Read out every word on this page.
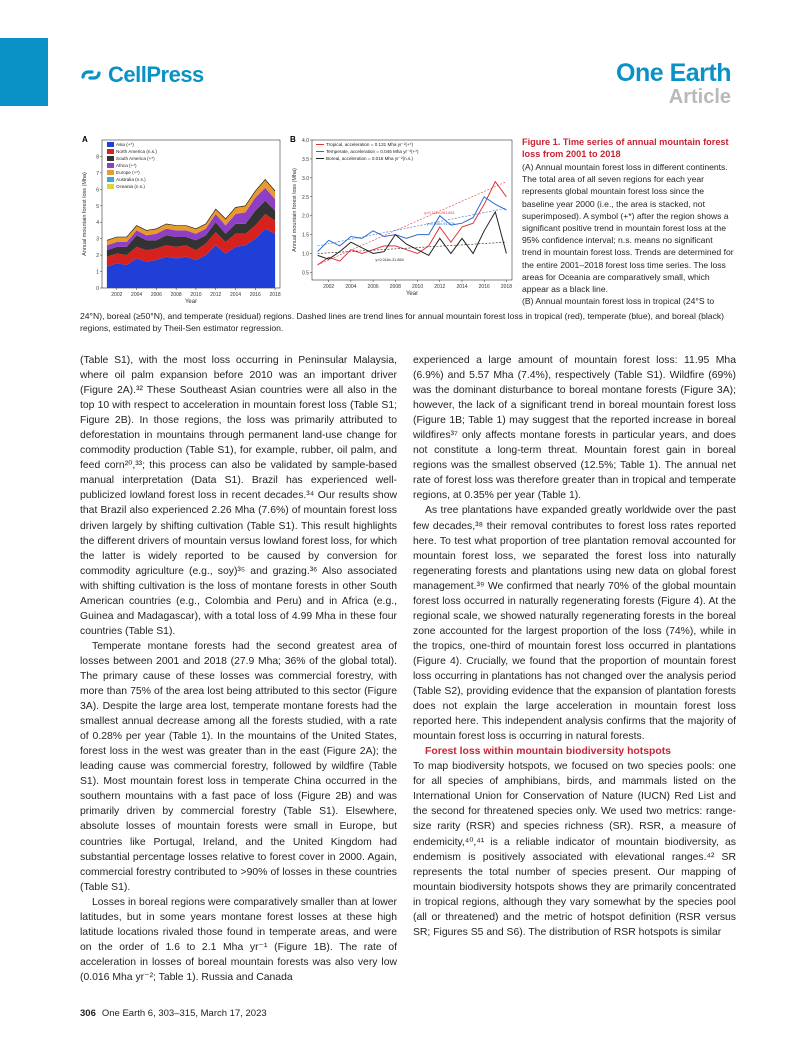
CellPress	One Earth
Article
A
0
1
2
3
4
5
6
7
8
2002 2004 2006 2008 2010 2012 2014 2016 2018
Year
Annual mountain forest loss (Mha)
Asia (+*)
North America (n.s.)
South America (+*)
Africa (+*)
Europe (+*)
Australia (n.s.)
Oceania (n.s.)
B
0.5
1.0
1.5
2.0
2.5
3.0
3.5
4.0
2002 2004 2006 2008 2010 2012 2014 2016 2018
Year
Annual mountain forest loss (Mha)	y=0.131x-261.841
y=0.046x-91.929
y=0.016x-31.864
Tropical, acceleration = 0.131 Mha yr⁻²(+*)
Temperate, acceleration = 0.046 Mha yr⁻²(+*)
Boreal, acceleration = 0.016 Mha yr⁻²(n.s.)
Figure 1. Time series of annual mountain forest loss from 2001 to 2018
(A) Annual mountain forest loss in different continents. The total area of all seven regions for each year represents global mountain forest loss since the baseline year 2000 (i.e., the area is stacked, not superimposed). A symbol (+*) after the region shows a significant positive trend in mountain forest loss at the 95% confidence interval; n.s. means no significant trend in mountain forest loss. Trends are determined for the entire 2001–2018 forest loss time series. The loss areas for Oceania are comparatively small, which appear as a black line.
(B) Annual mountain forest loss in tropical (24°S to
24°N), boreal (≥50°N), and temperate (residual) regions. Dashed lines are trend lines for annual mountain forest loss in tropical (red), temperate (blue), and boreal (black) regions, estimated by Theil-Sen estimator regression.

(Table S1), with the most loss occurring in Peninsular Malaysia, where oil palm expansion before 2010 was an important driver (Figure 2A).³² These Southeast Asian countries were all also in the top 10 with respect to acceleration in mountain forest loss (Table S1; Figure 2B). In those regions, the loss was primarily attributed to deforestation in mountains through permanent land-use change for commodity production (Table S1), for example, rubber, oil palm, and feed corn²⁰,³³; this process can also be validated by sample-based manual interpretation (Data S1). Brazil has experienced well-publicized lowland forest loss in recent decades.³⁴ Our results show that Brazil also experienced 2.26 Mha (7.6%) of mountain forest loss driven largely by shifting cultivation (Table S1). This result highlights the different drivers of mountain versus lowland forest loss, for which the latter is widely reported to be caused by conversion for commodity agriculture (e.g., soy)³⁵ and grazing.³⁶ Also associated with shifting cultivation is the loss of montane forests in other South American countries (e.g., Colombia and Peru) and in Africa (e.g., Guinea and Madagascar), with a total loss of 4.99 Mha in these four countries (Table S1).

Temperate montane forests had the second greatest area of losses between 2001 and 2018 (27.9 Mha; 36% of the global total). The primary cause of these losses was commercial forestry, with more than 75% of the area lost being attributed to this sector (Figure 3A). Despite the large area lost, temperate montane forests had the smallest annual decrease among all the forests studied, with a rate of 0.28% per year (Table 1). In the mountains of the United States, forest loss in the west was greater than in the east (Figure 2A); the leading cause was commercial forestry, followed by wildfire (Table S1). Most mountain forest loss in temperate China occurred in the southern mountains with a fast pace of loss (Figure 2B) and was primarily driven by commercial forestry (Table S1). Elsewhere, absolute losses of mountain forests were small in Europe, but countries like Portugal, Ireland, and the United Kingdom had substantial percentage losses relative to forest cover in 2000. Again, commercial forestry contributed to >90% of losses in these countries (Table S1).

Losses in boreal regions were comparatively smaller than at lower latitudes, but in some years montane forest losses at these high latitude locations rivaled those found in temperate areas, and were on the order of 1.6 to 2.1 Mha yr⁻¹ (Figure 1B). The rate of acceleration in losses of boreal mountain forests was also very low (0.016 Mha yr⁻²; Table 1). Russia and Canada

experienced a large amount of mountain forest loss: 11.95 Mha (6.9%) and 5.57 Mha (7.4%), respectively (Table S1). Wildfire (69%) was the dominant disturbance to boreal montane forests (Figure 3A); however, the lack of a significant trend in boreal mountain forest loss (Figure 1B; Table 1) may suggest that the reported increase in boreal wildfires³⁷ only affects montane forests in particular years, and does not constitute a long-term threat. Mountain forest gain in boreal regions was the smallest observed (12.5%; Table 1). The annual net rate of forest loss was therefore greater than in tropical and temperate regions, at 0.35% per year (Table 1).

As tree plantations have expanded greatly worldwide over the past few decades,³⁸ their removal contributes to forest loss rates reported here. To test what proportion of tree plantation removal accounted for mountain forest loss, we separated the forest loss into naturally regenerating forests and plantations using new data on global forest management.³⁹ We confirmed that nearly 70% of the global mountain forest loss occurred in naturally regenerating forests (Figure 4). At the regional scale, we showed naturally regenerating forests in the boreal zone accounted for the largest proportion of the loss (74%), while in the tropics, one-third of mountain forest loss occurred in plantations (Figure 4). Crucially, we found that the proportion of mountain forest loss occurring in plantations has not changed over the analysis period (Table S2), providing evidence that the expansion of plantation forests does not explain the large acceleration in mountain forest loss reported here. This independent analysis confirms that the majority of mountain forest loss is occurring in natural forests.

Forest loss within mountain biodiversity hotspots

To map biodiversity hotspots, we focused on two species pools: one for all species of amphibians, birds, and mammals listed on the International Union for Conservation of Nature (IUCN) Red List and the second for threatened species only. We used two metrics: range-size rarity (RSR) and species richness (SR). RSR, a measure of endemicity,⁴⁰,⁴¹ is a reliable indicator of mountain biodiversity, as endemism is positively associated with elevational ranges.⁴² SR represents the total number of species present. Our mapping of mountain biodiversity hotspots shows they are primarily concentrated in tropical regions, although they vary somewhat by the species pool (all or threatened) and the metric of hotspot definition (RSR versus SR; Figures S5 and S6). The distribution of RSR hotspots is similar

306 One Earth 6, 303–315, March 17, 2023
